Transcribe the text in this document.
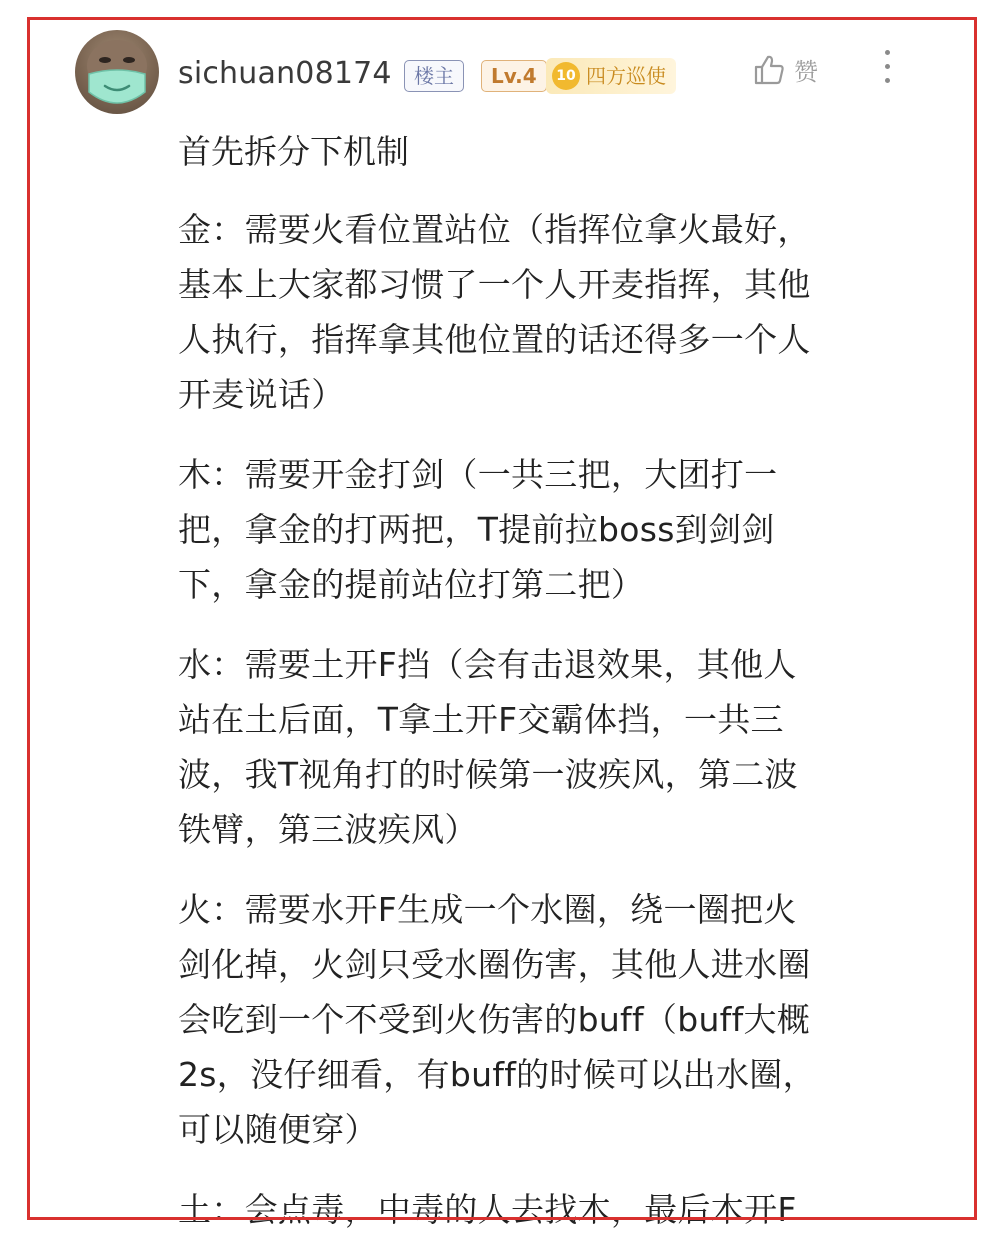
sichuan08174	楼主	Lv.4	10 四方巡使	赞
首先拆分下机制
金：需要火看位置站位（指挥位拿火最好，
基本上大家都习惯了一个人开麦指挥，其他
人执行，指挥拿其他位置的话还得多一个人
开麦说话）
木：需要开金打剑（一共三把，大团打一
把，拿金的打两把，T提前拉boss到剑剑
下，拿金的提前站位打第二把）
水：需要土开F挡（会有击退效果，其他人
站在土后面，T拿土开F交霸体挡，一共三
波，我T视角打的时候第一波疾风，第二波
铁臂，第三波疾风）
火：需要水开F生成一个水圈，绕一圈把火
剑化掉，火剑只受水圈伤害，其他人进水圈
会吃到一个不受到火伤害的buff（buff大概
2s，没仔细看，有buff的时候可以出水圈，
可以随便穿）
土：会点毒，中毒的人去找木，最后木开F
